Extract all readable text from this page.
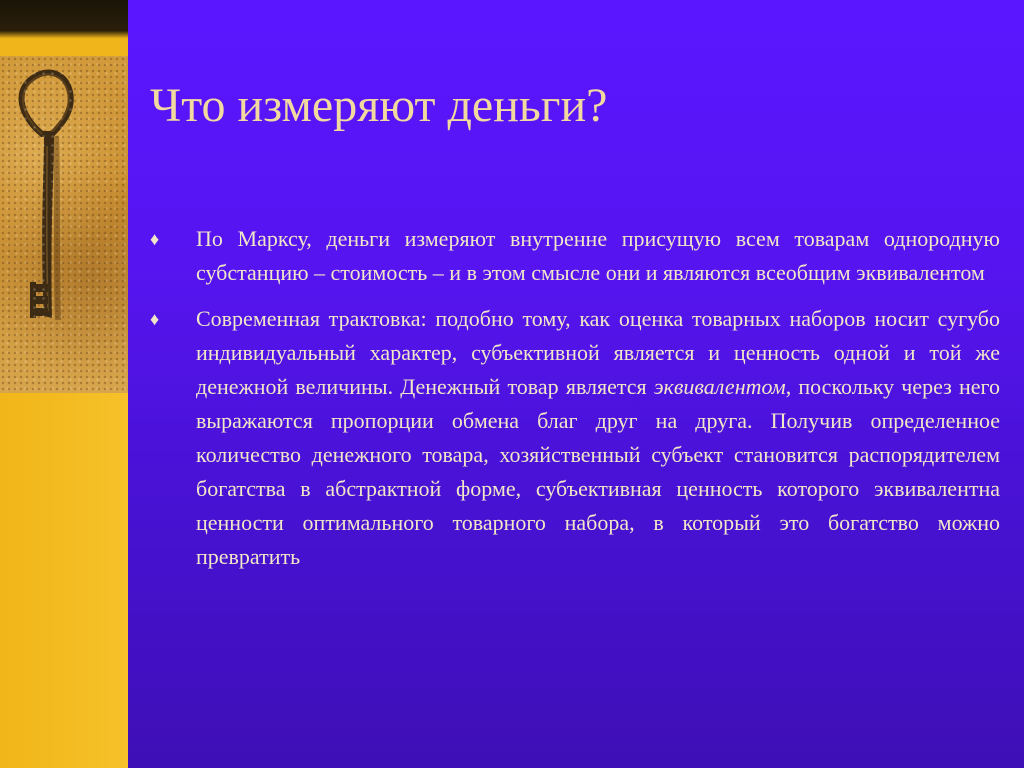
Что измеряют деньги?
♦	По Марксу, деньги измеряют внутренне присущую всем товарам однородную субстанцию – стоимость – и в этом смысле они и являются всеобщим эквивалентом
♦	Современная трактовка: подобно тому, как оценка товарных наборов носит сугубо индивидуальный характер, субъективной является и ценность одной и той же денежной величины. Денежный товар является эквивалентом, поскольку через него выражаются пропорции обмена благ друг на друга. Получив определенное количество денежного товара, хозяйственный субъект становится распорядителем богатства в абстрактной форме, субъективная ценность которого эквивалентна ценности оптимального товарного набора, в который это богатство можно превратить
